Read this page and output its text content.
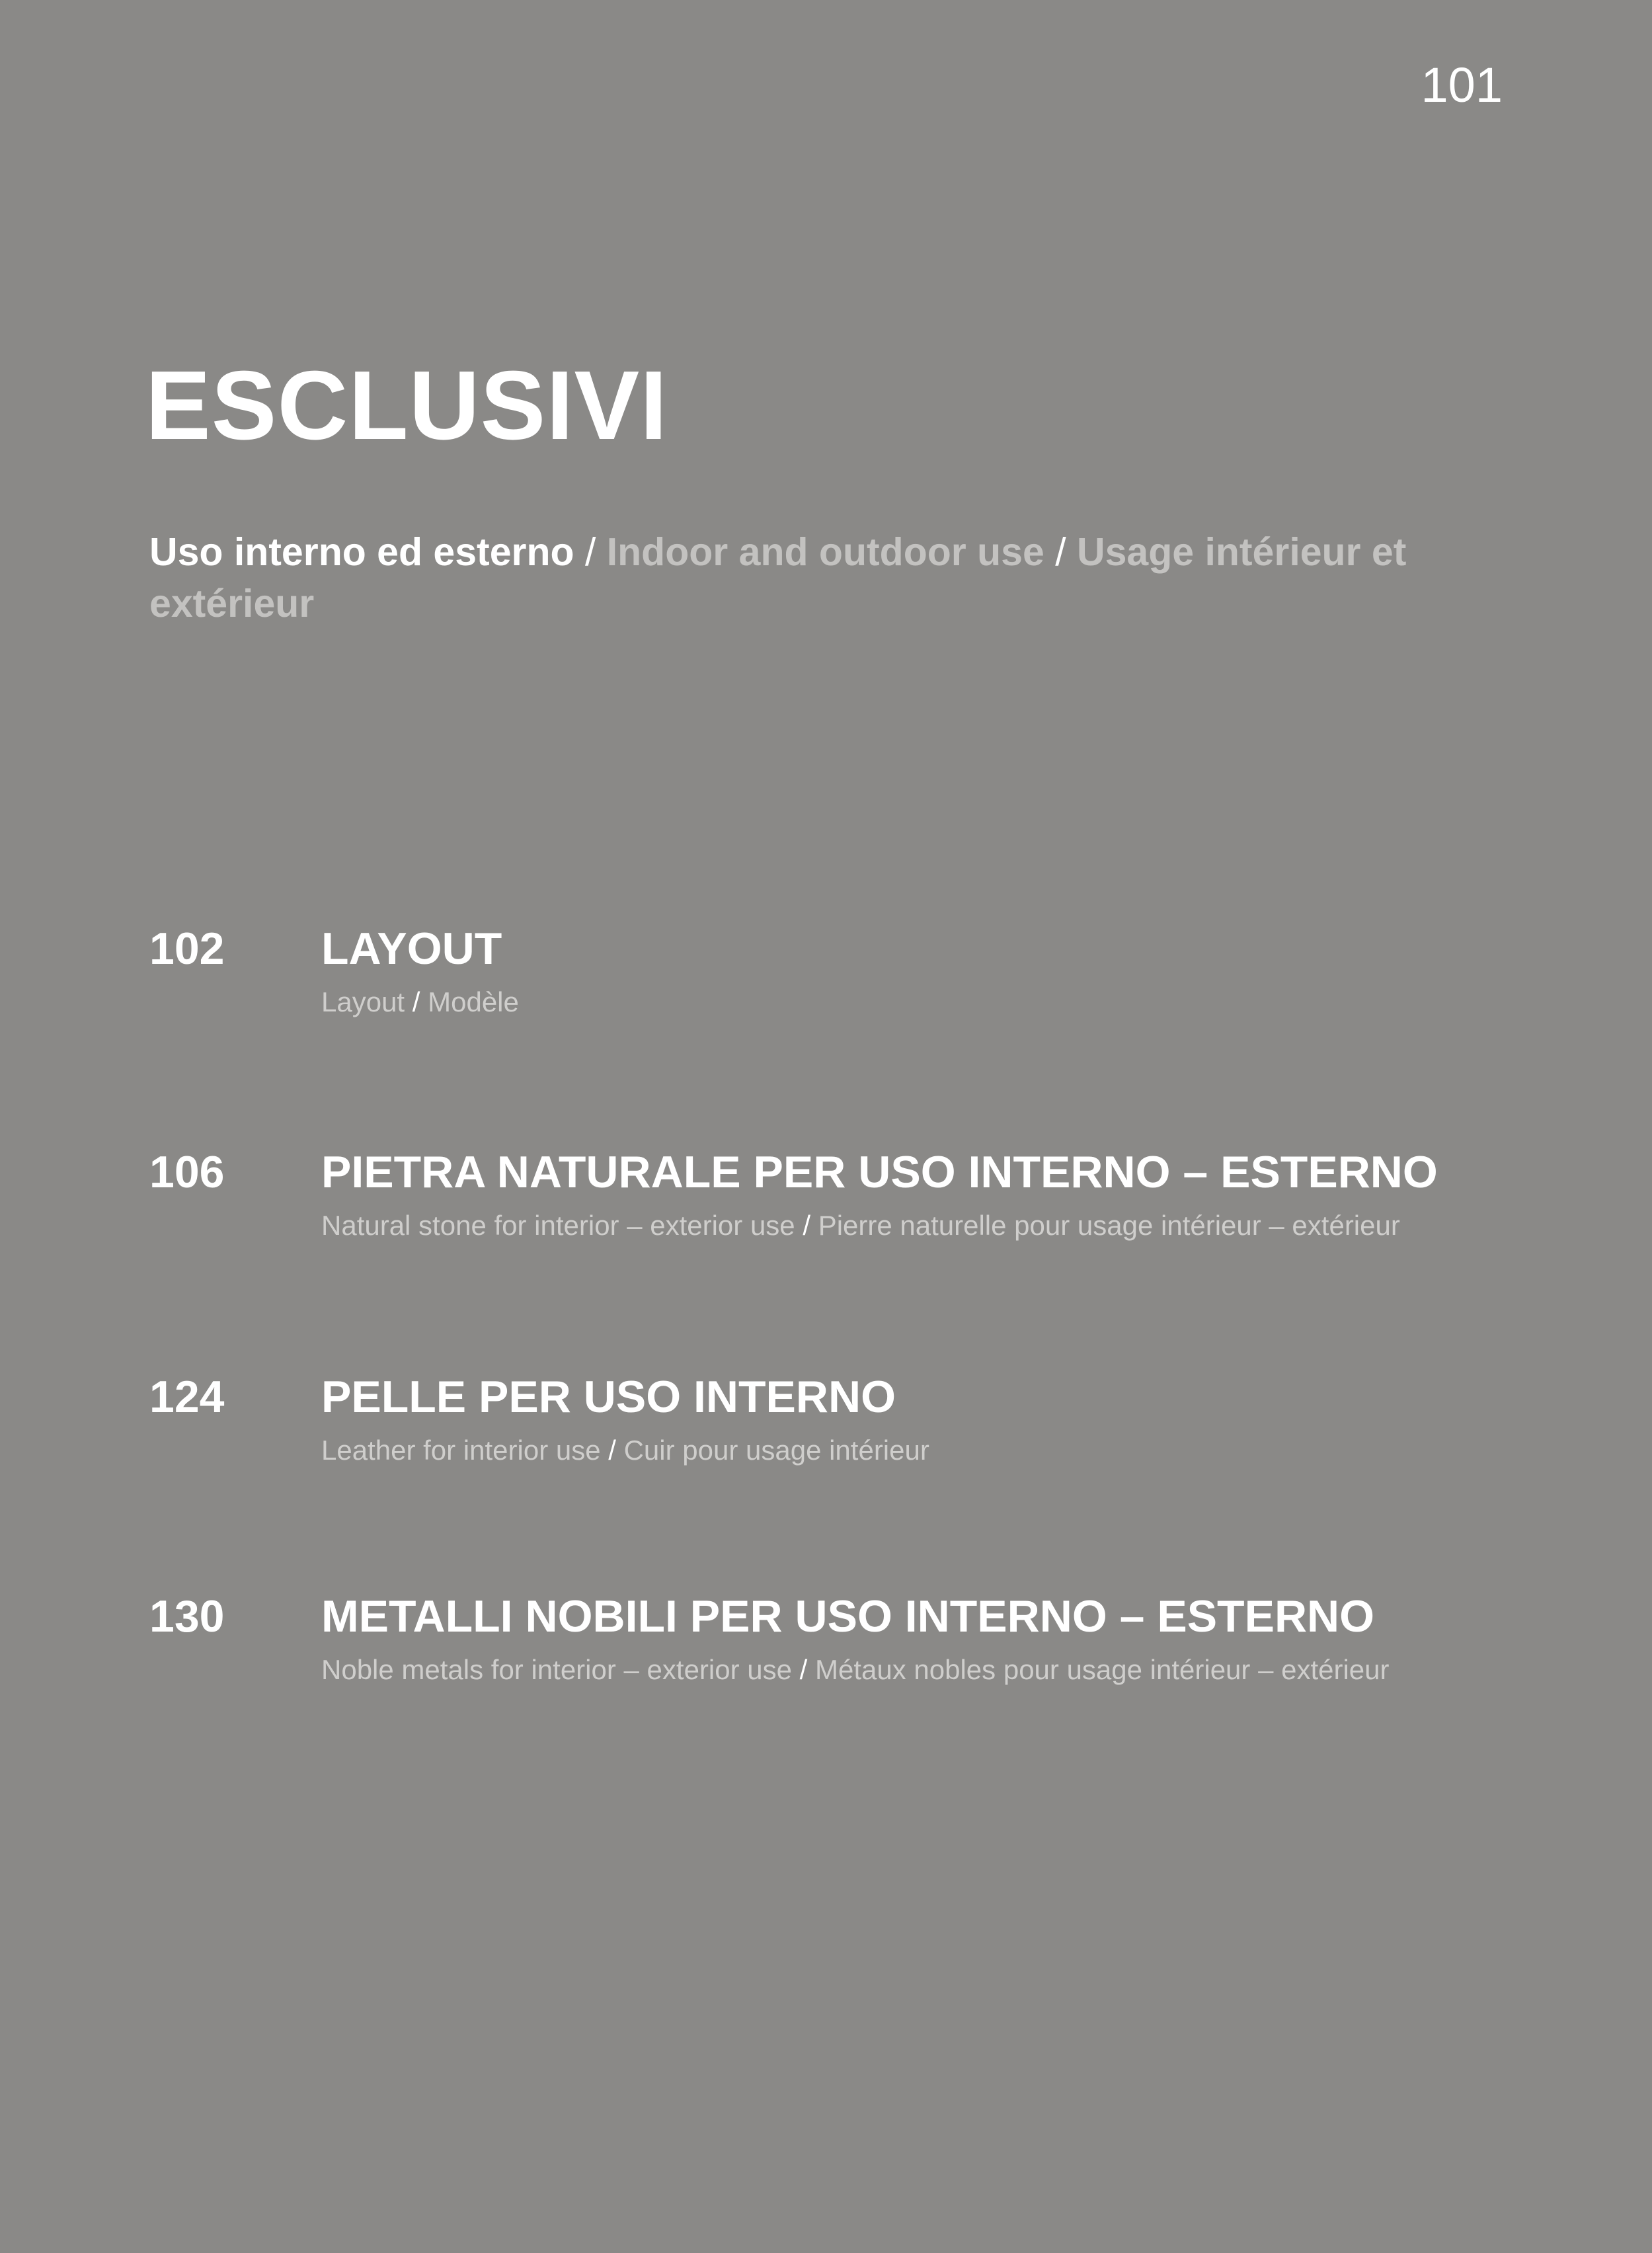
101
ESCLUSIVI

Uso interno ed esterno / Indoor and outdoor use / Usage intérieur et extérieur

102 LAYOUT
Layout / Modèle
106 PIETRA NATURALE PER USO INTERNO – ESTERNO
Natural stone for interior – exterior use / Pierre naturelle pour usage intérieur – extérieur
124 PELLE PER USO INTERNO
Leather for interior use / Cuir pour usage intérieur
130 METALLI NOBILI PER USO INTERNO – ESTERNO
Noble metals for interior – exterior use / Métaux nobles pour usage intérieur – extérieur
